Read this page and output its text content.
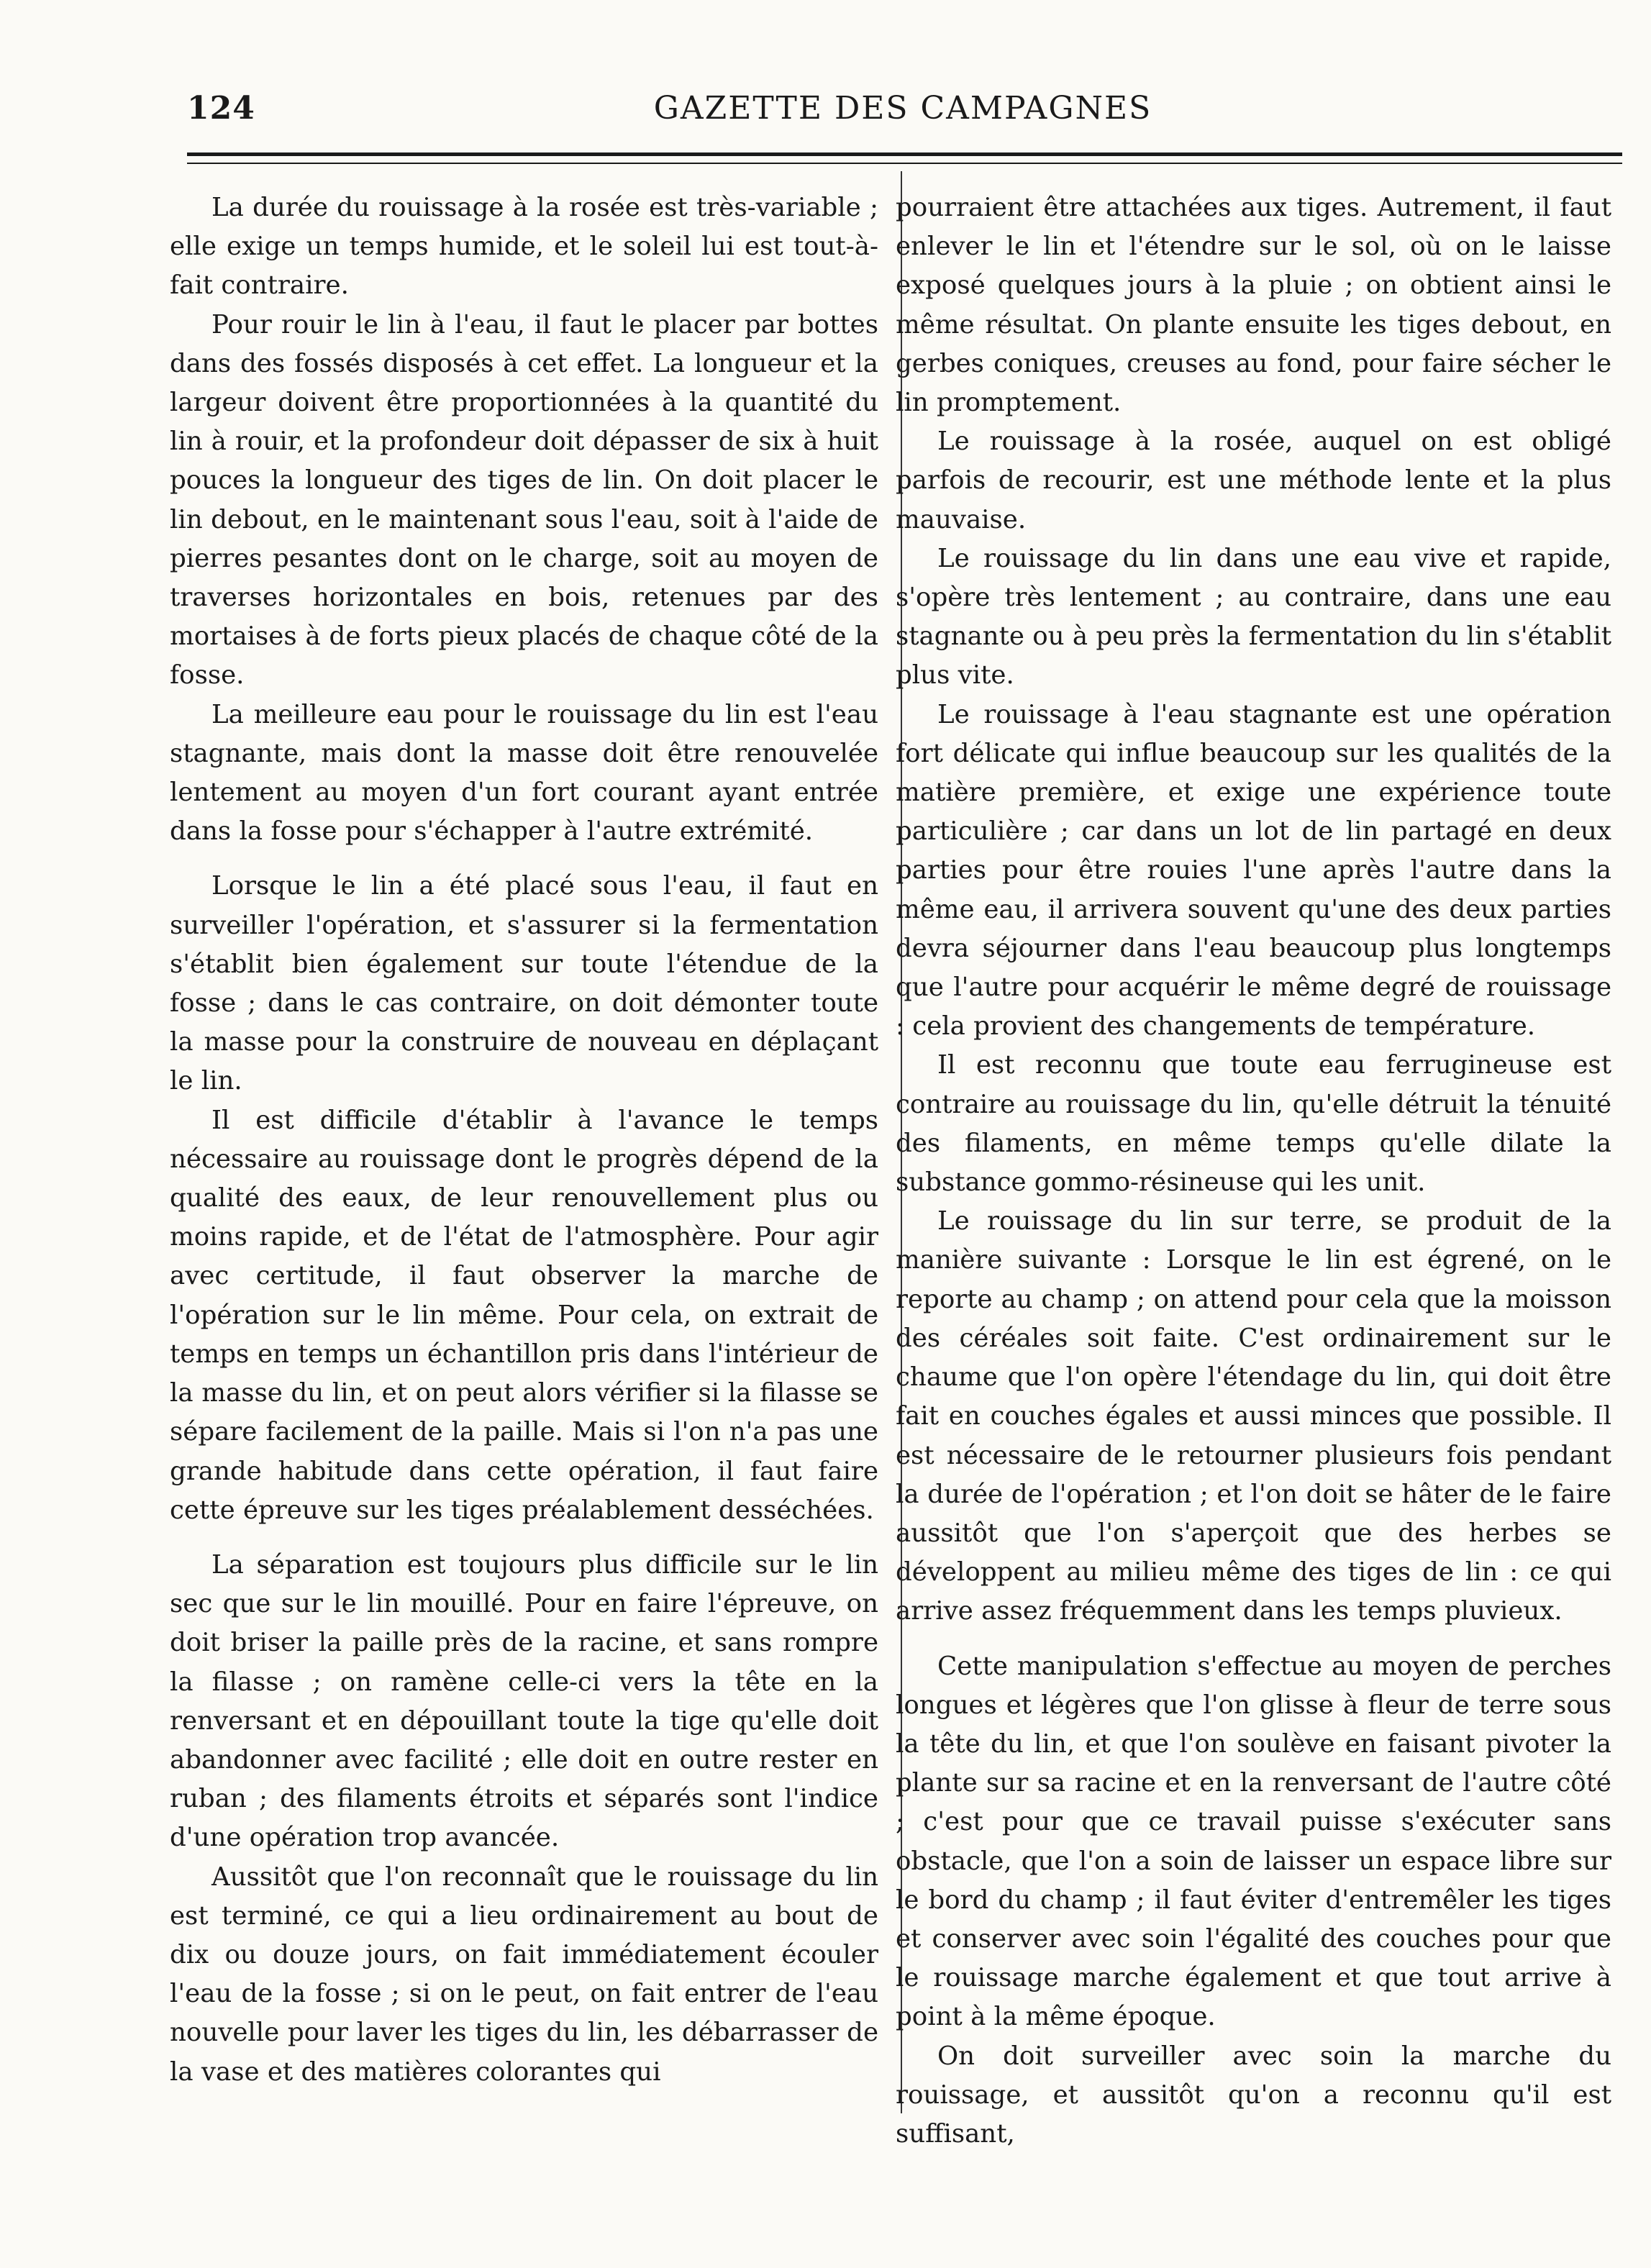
124	GAZETTE DES CAMPAGNES

La durée du rouissage à la rosée est très-variable ; elle exige un temps humide, et le soleil lui est tout-à-fait contraire.

Pour rouir le lin à l'eau, il faut le placer par bottes dans des fossés disposés à cet effet. La longueur et la largeur doivent être proportionnées à la quantité du lin à rouir, et la profondeur doit dépasser de six à huit pouces la longueur des tiges de lin. On doit placer le lin debout, en le maintenant sous l'eau, soit à l'aide de pierres pesantes dont on le charge, soit au moyen de traverses horizontales en bois, retenues par des mortaises à de forts pieux placés de chaque côté de la fosse.

La meilleure eau pour le rouissage du lin est l'eau stagnante, mais dont la masse doit être renouvelée lentement au moyen d'un fort courant ayant entrée dans la fosse pour s'échapper à l'autre extrémité.

Lorsque le lin a été placé sous l'eau, il faut en surveiller l'opération, et s'assurer si la fermentation s'établit bien également sur toute l'étendue de la fosse ; dans le cas contraire, on doit démonter toute la masse pour la construire de nouveau en déplaçant le lin.

Il est difficile d'établir à l'avance le temps nécessaire au rouissage dont le progrès dépend de la qualité des eaux, de leur renouvellement plus ou moins rapide, et de l'état de l'atmosphère. Pour agir avec certitude, il faut observer la marche de l'opération sur le lin même. Pour cela, on extrait de temps en temps un échantillon pris dans l'intérieur de la masse du lin, et on peut alors vérifier si la filasse se sépare facilement de la paille. Mais si l'on n'a pas une grande habitude dans cette opération, il faut faire cette épreuve sur les tiges préalablement desséchées.

La séparation est toujours plus difficile sur le lin sec que sur le lin mouillé. Pour en faire l'épreuve, on doit briser la paille près de la racine, et sans rompre la filasse ; on ramène celle-ci vers la tête en la renversant et en dépouillant toute la tige qu'elle doit abandonner avec facilité ; elle doit en outre rester en ruban ; des filaments étroits et séparés sont l'indice d'une opération trop avancée.

Aussitôt que l'on reconnaît que le rouissage du lin est terminé, ce qui a lieu ordinairement au bout de dix ou douze jours, on fait immédiatement écouler l'eau de la fosse ; si on le peut, on fait entrer de l'eau nouvelle pour laver les tiges du lin, les débarrasser de la vase et des matières colorantes qui

pourraient être attachées aux tiges. Autrement, il faut enlever le lin et l'étendre sur le sol, où on le laisse exposé quelques jours à la pluie ; on obtient ainsi le même résultat. On plante ensuite les tiges debout, en gerbes coniques, creuses au fond, pour faire sécher le lin promptement.

Le rouissage à la rosée, auquel on est obligé parfois de recourir, est une méthode lente et la plus mauvaise.

Le rouissage du lin dans une eau vive et rapide, s'opère très lentement ; au contraire, dans une eau stagnante ou à peu près la fermentation du lin s'établit plus vite.

Le rouissage à l'eau stagnante est une opération fort délicate qui influe beaucoup sur les qualités de la matière première, et exige une expérience toute particulière ; car dans un lot de lin partagé en deux parties pour être rouies l'une après l'autre dans la même eau, il arrivera souvent qu'une des deux parties devra séjourner dans l'eau beaucoup plus longtemps que l'autre pour acquérir le même degré de rouissage : cela provient des changements de température.

Il est reconnu que toute eau ferrugineuse est contraire au rouissage du lin, qu'elle détruit la ténuité des filaments, en même temps qu'elle dilate la substance gommo-résineuse qui les unit.

Le rouissage du lin sur terre, se produit de la manière suivante : Lorsque le lin est égrené, on le reporte au champ ; on attend pour cela que la moisson des céréales soit faite. C'est ordinairement sur le chaume que l'on opère l'étendage du lin, qui doit être fait en couches égales et aussi minces que possible. Il est nécessaire de le retourner plusieurs fois pendant la durée de l'opération ; et l'on doit se hâter de le faire aussitôt que l'on s'aperçoit que des herbes se développent au milieu même des tiges de lin : ce qui arrive assez fréquemment dans les temps pluvieux.

Cette manipulation s'effectue au moyen de perches longues et légères que l'on glisse à fleur de terre sous la tête du lin, et que l'on soulève en faisant pivoter la plante sur sa racine et en la renversant de l'autre côté ; c'est pour que ce travail puisse s'exécuter sans obstacle, que l'on a soin de laisser un espace libre sur le bord du champ ; il faut éviter d'entremêler les tiges et conserver avec soin l'égalité des couches pour que le rouissage marche également et que tout arrive à point à la même époque.

On doit surveiller avec soin la marche du rouissage, et aussitôt qu'on a reconnu qu'il est suffisant,
